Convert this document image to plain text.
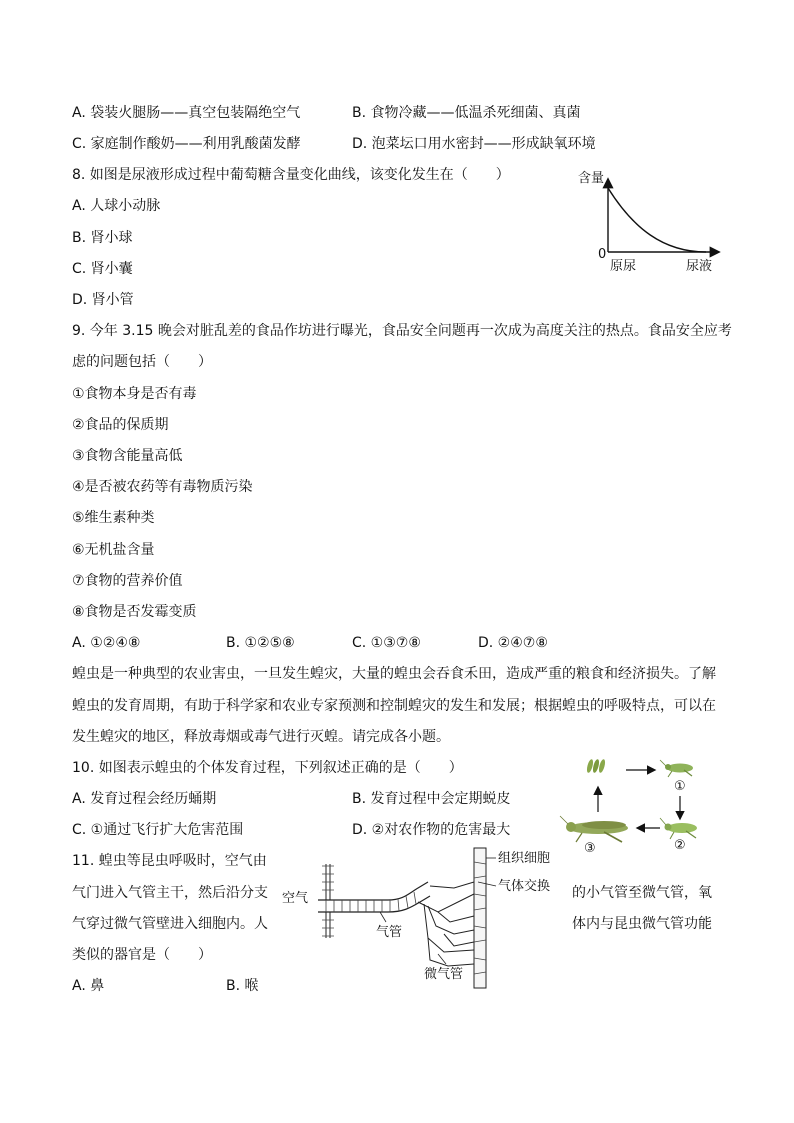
A. 袋装火腿肠——真空包装隔绝空气	B. 食物冷藏——低温杀死细菌、真菌
C. 家庭制作酸奶——利用乳酸菌发酵	D. 泡菜坛口用水密封——形成缺氧环境
8. 如图是尿液形成过程中葡萄糖含量变化曲线，该变化发生在（　　）
A. 人球小动脉
B. 肾小球
C. 肾小囊
D. 肾小管
含量
0
原尿	尿液
9. 今年 3.15 晚会对脏乱差的食品作坊进行曝光，食品安全问题再一次成为高度关注的热点。食品安全应考
虑的问题包括（　　）
①食物本身是否有毒
②食品的保质期
③食物含能量高低
④是否被农药等有毒物质污染
⑤维生素种类
⑥无机盐含量
⑦食物的营养价值
⑧食物是否发霉变质
A. ①②④⑧	B. ①②⑤⑧	C. ①③⑦⑧	D. ②④⑦⑧
蝗虫是一种典型的农业害虫，一旦发生蝗灾，大量的蝗虫会吞食禾田，造成严重的粮食和经济损失。了解
蝗虫的发育周期，有助于科学家和农业专家预测和控制蝗灾的发生和发展；根据蝗虫的呼吸特点，可以在
发生蝗灾的地区，释放毒烟或毒气进行灭蝗。请完成各小题。
10. 如图表示蝗虫的个体发育过程，下列叙述正确的是（　　）
A. 发育过程会经历蛹期	B. 发育过程中会定期蜕皮
C. ①通过飞行扩大危害范围	D. ②对农作物的危害最大
①
②
③
11. 蝗虫等昆虫呼吸时，空气由
气门进入气管主干，然后沿分支	的小气管至微气管，氧
气穿过微气管壁进入细胞内。人	体内与昆虫微气管功能
类似的器官是（　　）
A. 鼻	B. 喉
空气
气管
微气管
组织细胞
气体交换
